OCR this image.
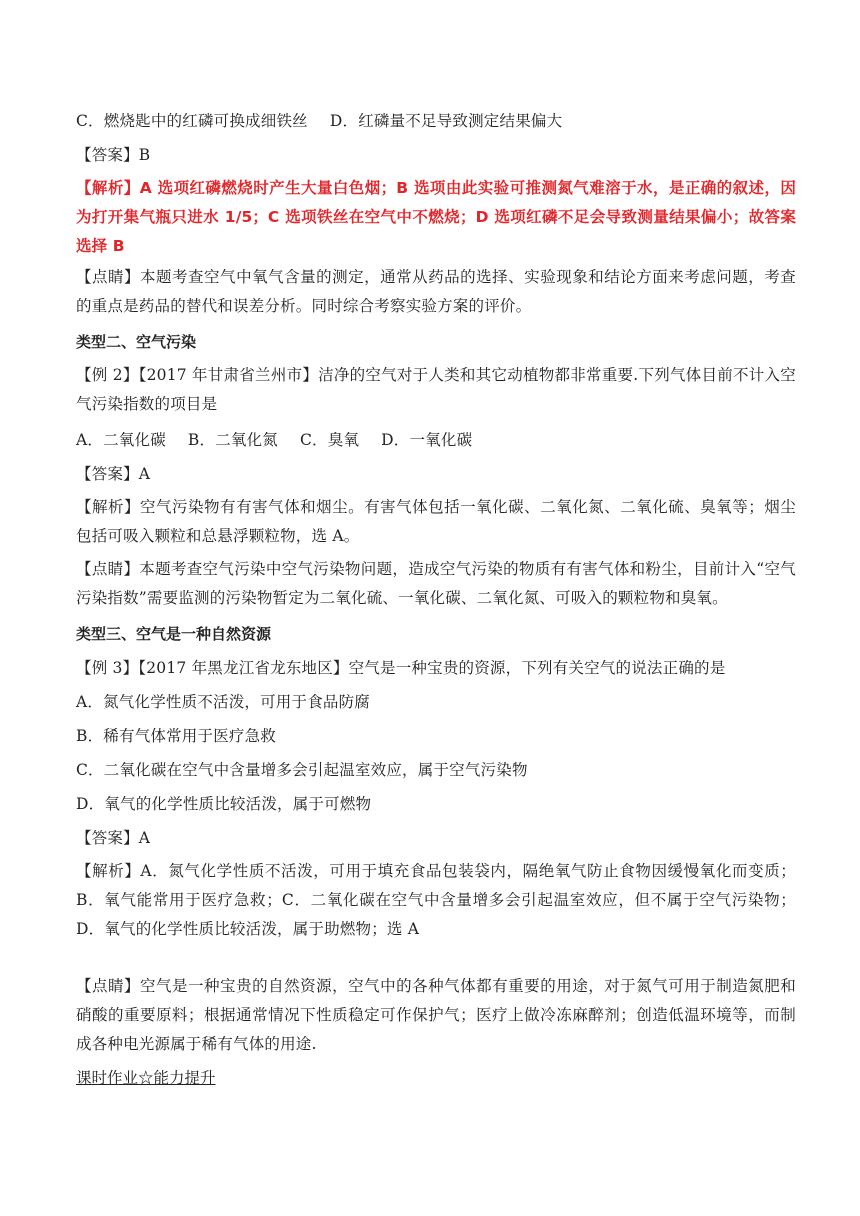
C．燃烧匙中的红磷可换成细铁丝 D．红磷量不足导致测定结果偏大
【答案】B
【解析】A 选项红磷燃烧时产生大量白色烟；B 选项由此实验可推测氮气难溶于水，是正确的叙述，因为打开集气瓶只进水 1/5；C 选项铁丝在空气中不燃烧；D 选项红磷不足会导致测量结果偏小；故答案选择 B
【点睛】本题考查空气中氧气含量的测定，通常从药品的选择、实验现象和结论方面来考虑问题，考查的重点是药品的替代和误差分析。同时综合考察实验方案的评价。
类型二、空气污染
【例 2】【2017 年甘肃省兰州市】洁净的空气对于人类和其它动植物都非常重要.下列气体目前不计入空气污染指数的项目是
A．二氧化碳 B．二氧化氮 C．臭氧 D．一氧化碳
【答案】A
【解析】空气污染物有有害气体和烟尘。有害气体包括一氧化碳、二氧化氮、二氧化硫、臭氧等；烟尘包括可吸入颗粒和总悬浮颗粒物，选 A。
【点睛】本题考查空气污染中空气污染物问题，造成空气污染的物质有有害气体和粉尘，目前计入“空气污染指数”需要监测的污染物暂定为二氧化硫、一氧化碳、二氧化氮、可吸入的颗粒物和臭氧。
类型三、空气是一种自然资源
【例 3】【2017 年黑龙江省龙东地区】空气是一种宝贵的资源，下列有关空气的说法正确的是
A．氮气化学性质不活泼，可用于食品防腐
B．稀有气体常用于医疗急救
C．二氧化碳在空气中含量增多会引起温室效应，属于空气污染物
D．氧气的化学性质比较活泼，属于可燃物
【答案】A
【解析】A．氮气化学性质不活泼，可用于填充食品包装袋内，隔绝氧气防止食物因缓慢氧化而变质；B．氧气能常用于医疗急救；C．二氧化碳在空气中含量增多会引起温室效应，但不属于空气污染物；D．氧气的化学性质比较活泼，属于助燃物；选 A
【点睛】空气是一种宝贵的自然资源，空气中的各种气体都有重要的用途，对于氮气可用于制造氮肥和硝酸的重要原料；根据通常情况下性质稳定可作保护气；医疗上做冷冻麻醉剂；创造低温环境等，而制成各种电光源属于稀有气体的用途.
课时作业☆能力提升
